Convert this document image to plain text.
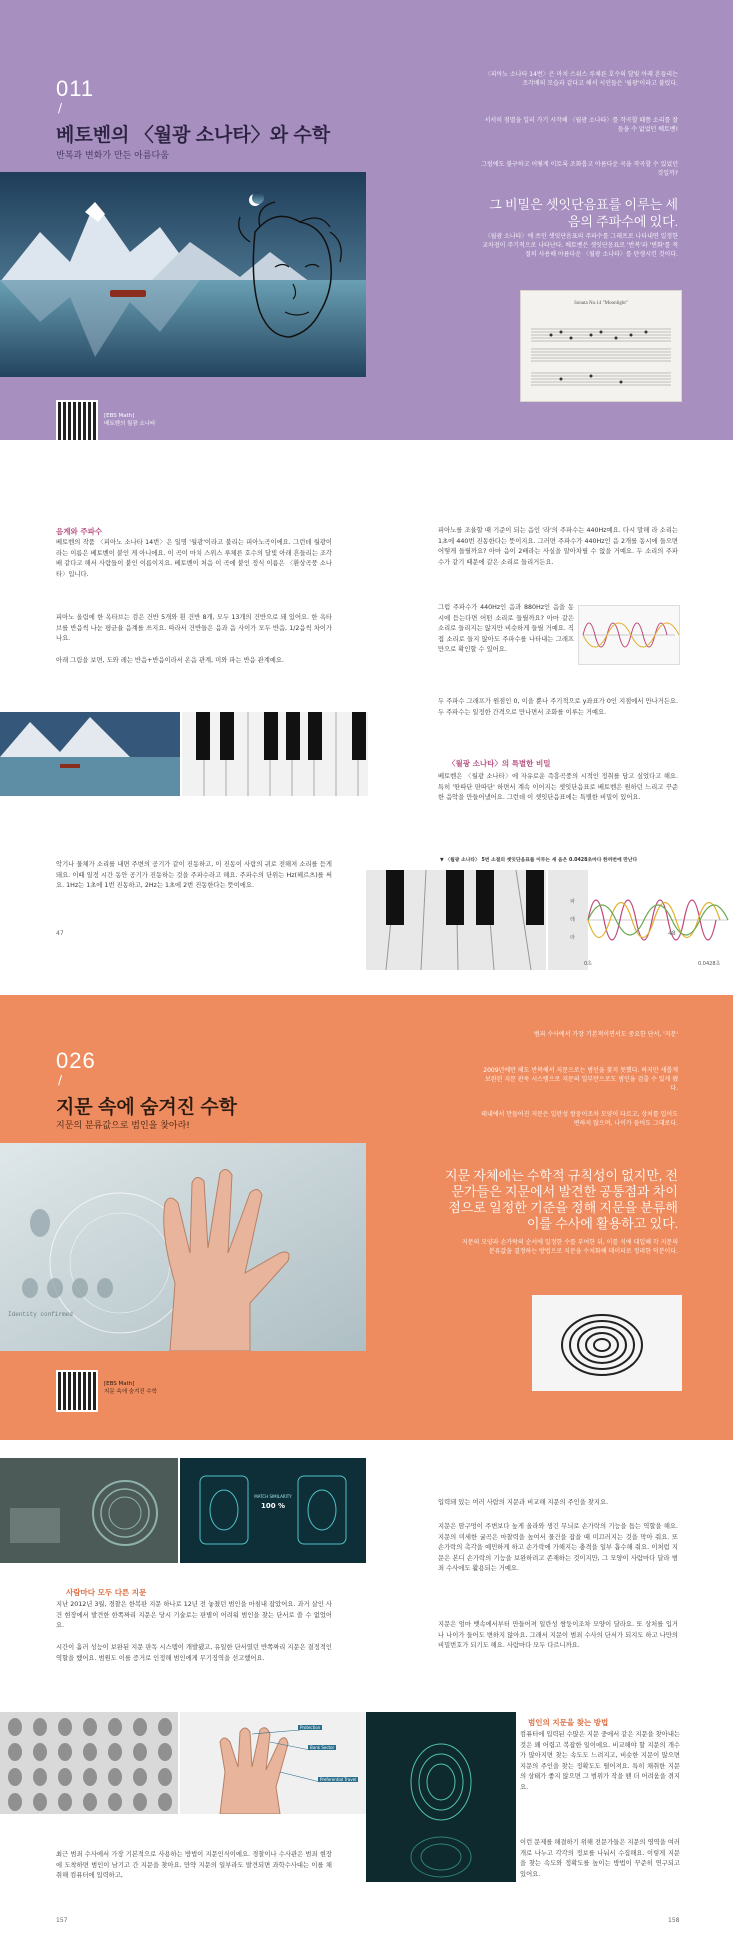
011
/
베토벤의 〈월광 소나타〉와 수학
반복과 변화가 만든 아름다움
[EBS Math]
베토벤의 월광 소나타
〈피아노 소나타 14번〉은 마치 스위스 루체른 호수의 달빛 아래 흔들리는 조각배의 모습과 같다고 해서 시인들은 '월광'이라고 불렀다.
서서히 점멸을 일러 가기 시작해 〈월광 소나타〉를 작곡할 때쯤 소리를 잘 들을 수 없었던 베토벤!
그럼에도 불구하고 어떻게 이토록 조화롭고 아름다운 곡을 작곡할 수 있었던 것일까?
그 비밀은 셋잇단음표를 이루는 세 음의 주파수에 있다.
〈월광 소나타〉에 쓰인 셋잇단음표의 주파수를 그래프로 나타내면 일정한 교차점이 주기적으로 나타난다. 베토벤은 셋잇단음표로 '반복'과 '변화'를 적절히 사용해 아름다운 〈월광 소나타〉를 탄생시킨 것이다.
Sonata No.14 "Moonlight"
음계와 주파수
베토벤의 작품 〈피아노 소나타 14번〉은 일명 '월광'이라고 불리는 피아노곡이에요. 그런데 월광이라는 이름은 베토벤이 붙인 게 아니에요. 이 곡이 마치 스위스 루체른 호수의 달빛 아래 흔들리는 조각배 같다고 해서 사람들이 붙인 이름이지요. 베토벤이 처음 이 곡에 붙인 정식 이름은 〈환상곡풍 소나타〉입니다.
피아노 올림에 한 옥타브는 검은 건반 5개와 흰 건반 8개, 모두 13개의 건반으로 돼 있어요. 한 옥타브를 반음씩 나눈 평균율 음계를 쓰지요. 따라서 건반들은 음과 음 사이가 모두 반음, 1/2음씩 차이가 나요.
아래 그림을 보면, 도와 레는 반음+반음이라서 온음 관계, 미와 파는 반음 관계예요.
악기나 물체가 소리를 내면 주변의 공기가 같이 진동하고, 이 진동이 사람의 귀로 전해져 소리를 듣게 돼요. 이때 일정 시간 동안 공기가 진동하는 것을 주파수라고 해요. 주파수의 단위는 Hz(헤르츠)를 써요. 1Hz는 1초에 1번 진동하고, 2Hz는 1초에 2번 진동한다는 뜻이에요.
47
피아노를 조율할 때 기준이 되는 음인 '라'의 주파수는 440Hz예요. 다시 말해 라 소리는 1초에 440번 진동한다는 뜻이지요. 그러면 주파수가 440Hz인 음 2개를 동시에 들으면 어떻게 들릴까요? 아마 음이 2배라는 사실을 알아차릴 수 없을 거예요. 두 소리의 주파수가 같기 때문에 같은 소리로 들리거든요.
그럼 주파수가 440Hz인 음과 880Hz인 음을 동시에 듣는다면 어떤 소리로 들릴까요? 아마 같은 소리로 들리지는 않지만 비슷하게 들릴 거예요. 직접 소리로 들지 않아도 주파수를 나타내는 그래프만으로 확인할 수 있어요.
두 주파수 그래프가 원점인 0, 이을 뿐나 주기적으로 y좌표가 0인 지점에서 만나거든요. 두 주파수는 일정한 간격으로 만나면서 조화를 이루는 거예요.
〈월광 소나타〉의 특별한 비밀
베토벤은 〈월광 소나타〉에 자유로운 즉흥곡풍의 시적인 정취를 담고 싶었다고 해요. 특히 '딴따단 딴따단' 하면서 계속 이어지는 셋잇단음표로 베토벤은 원하던 느리고 꾸준한 음악을 만들어냈어요. 그런데 이 셋잇단음표에는 특별한 비밀이 있어요.
▼ 〈월광 소나타〉 5번 소절의 셋잇단음표를 이루는 세 음은 0.0428초마다 한꺼번에 만난다
파
레
라
0초	0.0428초
48
026
/
지문 속에 숨겨진 수학
지문의 분류값으로 범인을 찾아라!
Identity confirmed
[EBS Math]
지문 속에 숨겨진 수학
범죄 수사에서 가장 기본적이면서도 중요한 단서, '지문'
2009년에만 해도 반복해서 지문으로는 범인을 찾지 못했다. 하지만 새롭게 보완된 지문 판독 시스템으로 지문의 일부만으로도 범인을 검출 수 있게 됐다.
태내에서 만들어진 지문은 일란성 쌍둥이조차 모양이 다르고, 상처를 입어도 변하지 않으며, 나이가 들어도 그대로다.
지문 자체에는 수학적 규칙성이 없지만, 전문가들은 지문에서 발견한 공통점과 차이점으로 일정한 기준을 정해 지문을 분류해 이를 수사에 활용하고 있다.
지문의 모양과 손가락의 순서에 일정한 수를 부여한 뒤, 이를 식에 대입해 각 지문의 분류값을 결정하는 방법으로 지문을 수치화해 데이터로 정리한 덕분이다.
MATCH SIMILARITY
100 %
사람마다 모두 다른 지문
지난 2012년 3월, 경찰은 한복판 지문 하나로 12년 전 놓쳤던 범인을 마침내 잡았어요. 과거 살인 사건 현장에서 발견한 한쪽짜리 지문은 당시 기술로는 판별이 어려워 범인을 찾는 단서로 쓸 수 없었어요.
시간이 흘러 성능이 보완된 지문 판독 시스템이 개발됐고, 유일한 단서였던 반쪽짜리 지문은 결정적인 역할을 했어요. 범원도 이를 증거로 인정해 범인에게 무기징역을 선고했어요.
Protection
Bank Sector
Preferential Travel
최근 범죄 수사에서 가장 기본적으로 사용하는 방법이 지문인식이에요. 경찰이나 수사관은 범죄 현장에 도착하면 범인이 남기고 간 지문을 찾아요. 만약 지문의 일부라도 발견되면 과학수사대는 이를 채취해 컴퓨터에 입력하고,
157
입력돼 있는 여러 사람의 지문과 비교해 지문의 주인을 찾지요.
지문은 땀구멍이 주변보다 높게 올라와 생긴 무늬로 손가락의 기능을 돕는 역할을 해요. 지문의 미세한 굴곡은 마찰력을 높여서 물건을 잡을 때 미끄러지는 것을 막아 줘요. 또 손가락의 촉각을 예민하게 하고 손가락에 가해지는 충격을 일부 흡수해 줘요. 이처럼 지문은 본디 손가락의 기능을 보완하려고 존재하는 것이지만, 그 모양이 사람마다 달라 범죄 수사에도 활용되는 거예요.
지문은 엄마 뱃속에서부터 만들어져 일란성 쌍둥이조차 모양이 달라요. 또 상처를 입거나 나이가 들어도 변하지 않아요. 그래서 지문이 범죄 수사의 단서가 되지도 하고 나만의 비밀번호가 되기도 해요. 사람마다 모두 다르니까요.
범인의 지문을 찾는 방법
컴퓨터에 입력된 수많은 지문 중에서 같은 지문을 찾아내는 것은 꽤 어렵고 복잡한 일이에요. 비교해야 할 지문의 개수가 많아지면 찾는 속도도 느려지고, 비슷한 지문이 많으면 지문의 주인을 찾는 정확도도 떨어져요. 특히 채취한 지문의 상태가 좋지 않으면 그 범위가 작을 땐 더 어려움을 겪지요.
이런 문제를 해결하기 위해 전문가들은 지문의 영역을 여러 개로 나누고 각각의 정보를 나눠서 수집해요. 이렇게 지문을 찾는 속도와 정확도를 높이는 방법이 꾸준히 연구되고 있어요.
158
